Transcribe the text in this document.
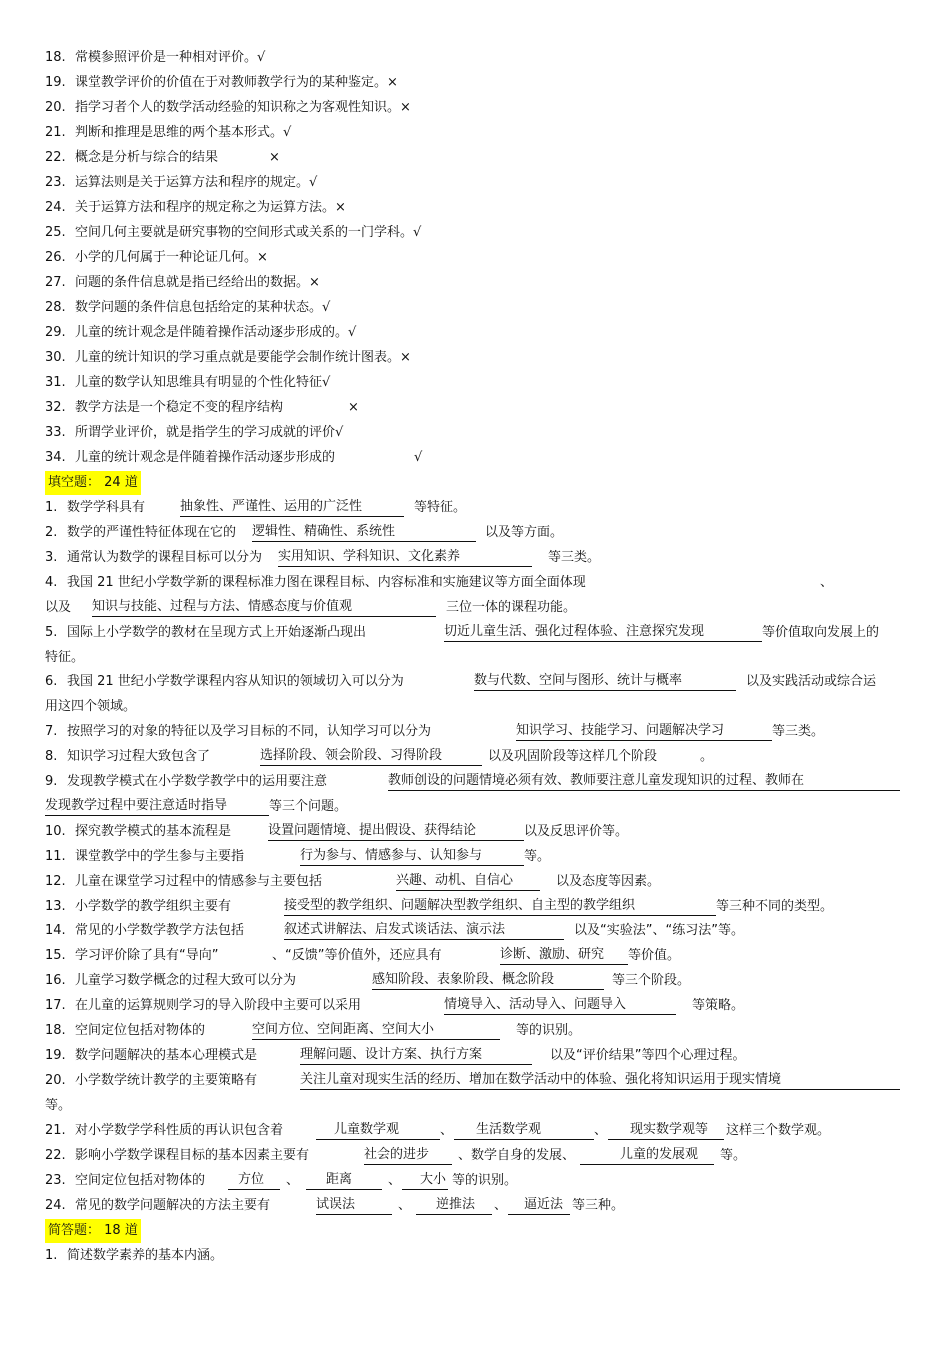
18. 常模参照评价是一种相对评价。√
19. 课堂教学评价的价值在于对教师教学行为的某种鉴定。×
20. 指学习者个人的数学活动经验的知识称之为客观性知识。×
21. 判断和推理是思维的两个基本形式。√
22. 概念是分析与综合的结果	×
23. 运算法则是关于运算方法和程序的规定。√
24. 关于运算方法和程序的规定称之为运算方法。×
25. 空间几何主要就是研究事物的空间形式或关系的一门学科。√
26. 小学的几何属于一种论证几何。×
27. 问题的条件信息就是指已经给出的数据。×
28. 数学问题的条件信息包括给定的某种状态。√
29. 儿童的统计观念是伴随着操作活动逐步形成的。√
30. 儿童的统计知识的学习重点就是要能学会制作统计图表。×
31. 儿童的数学认知思维具有明显的个性化特征√
32. 教学方法是一个稳定不变的程序结构	×
33. 所谓学业评价，就是指学生的学习成就的评价√
34. 儿童的统计观念是伴随着操作活动逐步形成的	√
填空题： 24 道
1. 数学学科具有	抽象性、严谨性、运用的广泛性	等特征。
2. 数学的严谨性特征体现在它的 逻辑性、精确性、系统性	以及等方面。
3. 通常认为数学的课程目标可以分为 实用知识、学科知识、文化素养	等三类。
4. 我国 21 世纪小学数学新的课程标准力图在课程目标、内容标准和实施建议等方面全面体现	、
以及 知识与技能、过程与方法、情感态度与价值观	三位一体的课程功能。
5. 国际上小学数学的教材在呈现方式上开始逐渐凸现出	切近儿童生活、强化过程体验、注意探究发现	等价值取向发展上的
特征。
6. 我国 21 世纪小学数学课程内容从知识的领域切入可以分为	数与代数、空间与图形、统计与概率	以及实践活动或综合运
用这四个领域。
7. 按照学习的对象的特征以及学习目标的不同，认知学习可以分为	知识学习、技能学习、问题解决学习	等三类。
8. 知识学习过程大致包含了	选择阶段、领会阶段、习得阶段	以及巩固阶段等这样几个阶段	。
9. 发现教学模式在小学数学教学中的运用要注意	教师创设的问题情境必须有效、教师要注意儿童发现知识的过程、教师在
发现教学过程中要注意适时指导	等三个问题。
10. 探究教学模式的基本流程是	设置问题情境、提出假设、获得结论	以及反思评价等。
11. 课堂教学中的学生参与主要指	行为参与、情感参与、认知参与	等。
12. 儿童在课堂学习过程中的情感参与主要包括	兴趣、动机、自信心	以及态度等因素。
13. 小学数学的教学组织主要有	接受型的教学组织、问题解决型教学组织、自主型的教学组织	等三种不同的类型。
14. 常见的小学数学教学方法包括	叙述式讲解法、启发式谈话法、演示法	以及“实验法”、“练习法”等。
15. 学习评价除了具有“导向”	、“反馈”等价值外，还应具有	诊断、激励、研究	等价值。
16. 儿童学习数学概念的过程大致可以分为	感知阶段、表象阶段、概念阶段	等三个阶段。
17. 在儿童的运算规则学习的导入阶段中主要可以采用	情境导入、活动导入、问题导入	等策略。
18. 空间定位包括对物体的	空间方位、空间距离、空间大小	等的识别。
19. 数学问题解决的基本心理模式是	理解问题、设计方案、执行方案	以及“评价结果”等四个心理过程。
20. 小学数学统计教学的主要策略有	关注儿童对现实生活的经历、增加在数学活动中的体验、强化将知识运用于现实情境
等。
21. 对小学数学学科性质的再认识包含着	儿童数学观	、	生活数学观	、	现实数学观等	这样三个数学观。
22. 影响小学数学课程目标的基本因素主要有	社会的进步	、数学自身的发展、	儿童的发展观	等。
23. 空间定位包括对物体的	方位	、	距离	、	大小 等的识别。
24. 常见的数学问题解决的方法主要有	试误法	、	逆推法	、	逼近法 等三种。
简答题： 18 道
1. 简述数学素养的基本内涵。
